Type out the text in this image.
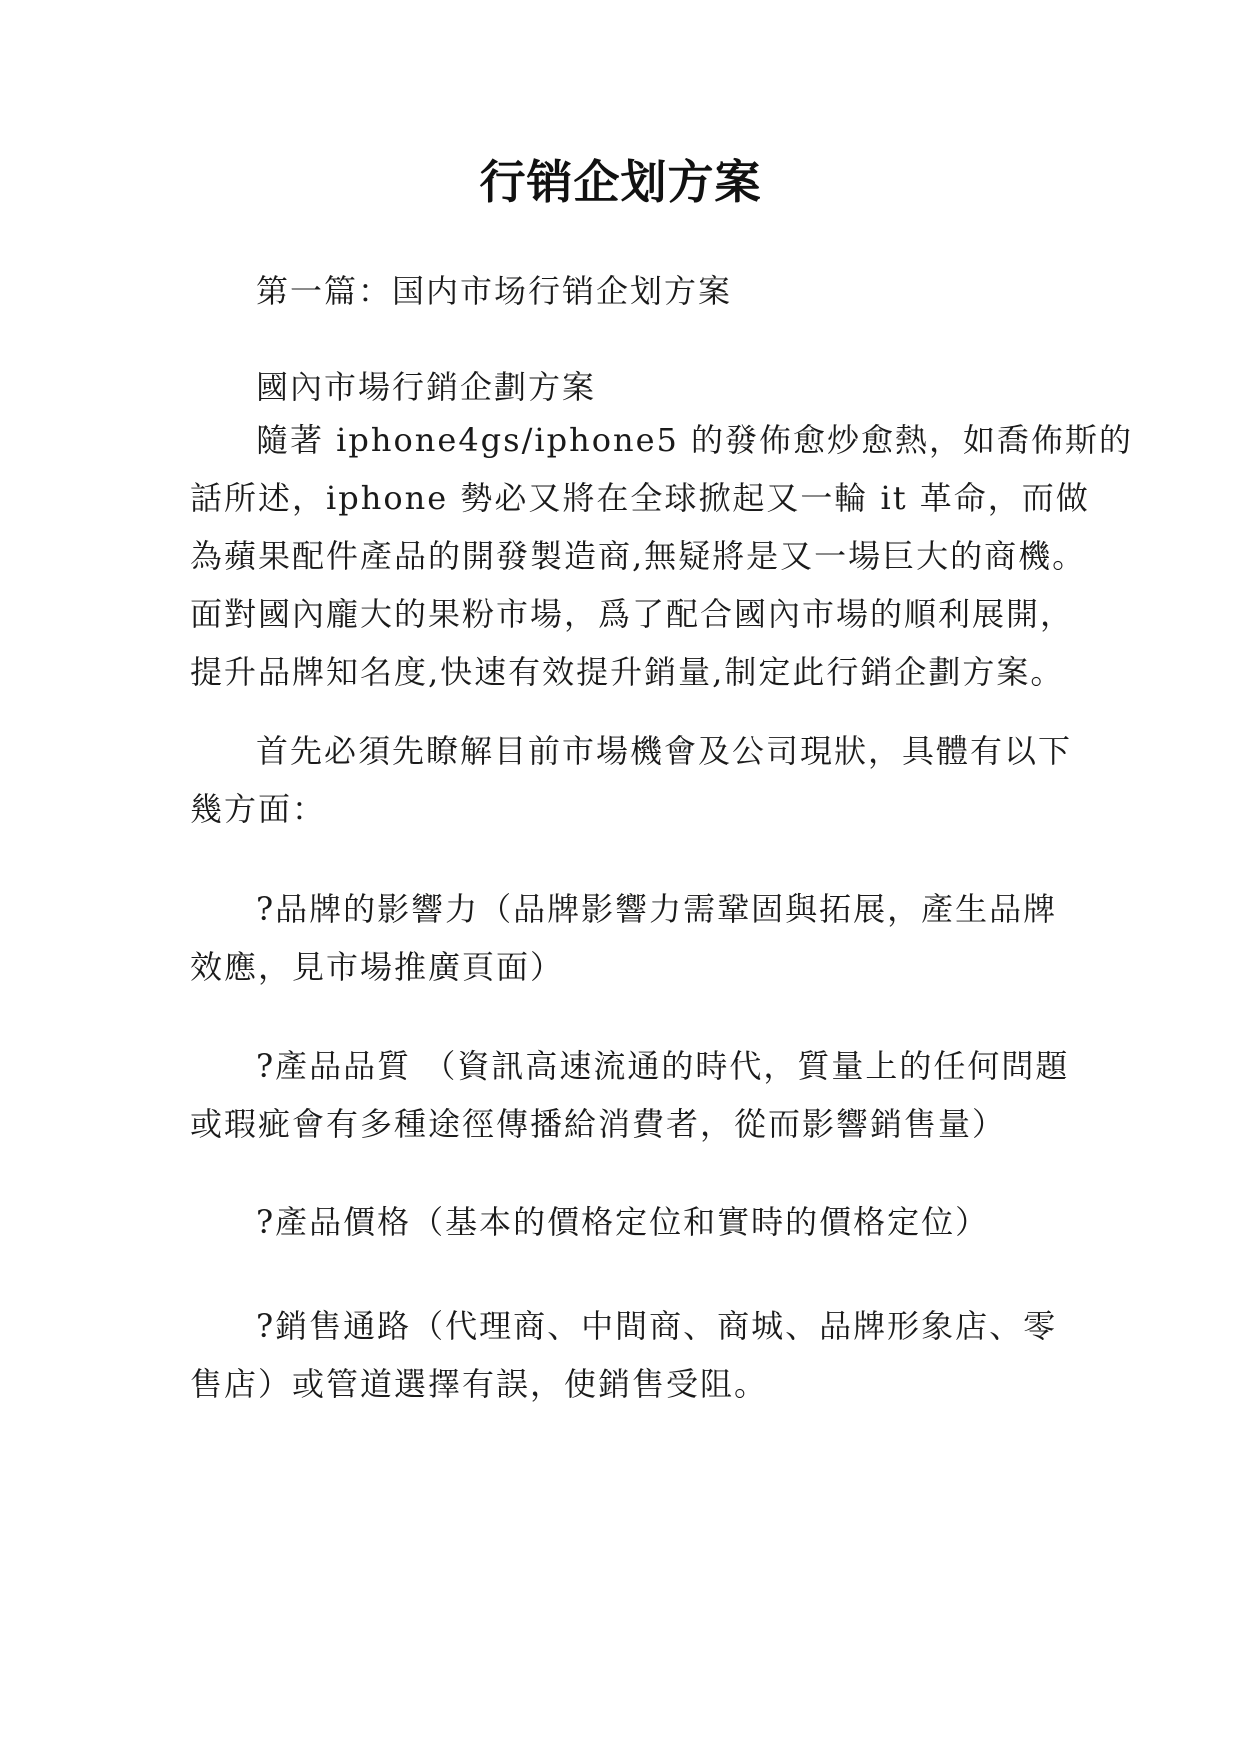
行销企划方案

第一篇：国内市场行销企划方案

國內市場行銷企劃方案

隨著 iphone4gs/iphone5 的發佈愈炒愈熱，如喬佈斯的
話所述，iphone 勢必又將在全球掀起又一輪 it 革命，而做
為蘋果配件產品的開發製造商,無疑將是又一場巨大的商機。
面對國內龐大的果粉市場，爲了配合國內市場的順利展開，
提升品牌知名度,快速有效提升銷量,制定此行銷企劃方案。

首先必須先瞭解目前市場機會及公司現狀，具體有以下
幾方面：

?品牌的影響力（品牌影響力需鞏固與拓展，產生品牌
效應，見市場推廣頁面）

?產品品質 （資訊高速流通的時代，質量上的任何問題
或瑕疵會有多種途徑傳播給消費者，從而影響銷售量）

?產品價格（基本的價格定位和實時的價格定位）

?銷售通路（代理商、中間商、商城、品牌形象店、零
售店）或管道選擇有誤，使銷售受阻。
